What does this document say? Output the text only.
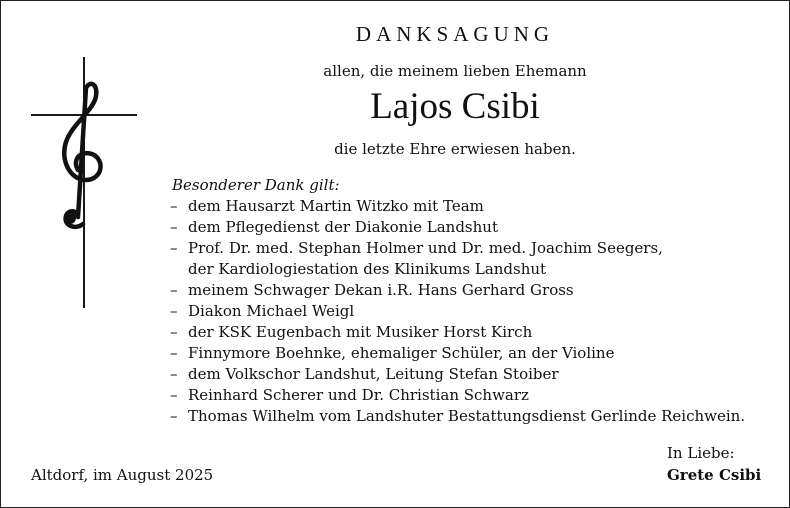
DANKSAGUNG
allen, die meinem lieben Ehemann
Lajos Csibi
die letzte Ehre erwiesen haben.
Besonderer Dank gilt:
– dem Hausarzt Martin Witzko mit Team
– dem Pflegedienst der Diakonie Landshut
– Prof. Dr. med. Stephan Holmer und Dr. med. Joachim Seegers,
der Kardiologiestation des Klinikums Landshut
– meinem Schwager Dekan i.R. Hans Gerhard Gross
– Diakon Michael Weigl
– der KSK Eugenbach mit Musiker Horst Kirch
– Finnymore Boehnke, ehemaliger Schüler, an der Violine
– dem Volkschor Landshut, Leitung Stefan Stoiber
– Reinhard Scherer und Dr. Christian Schwarz
– Thomas Wilhelm vom Landshuter Bestattungsdienst Gerlinde Reichwein.
Altdorf, im August 2025
In Liebe:
Grete Csibi
